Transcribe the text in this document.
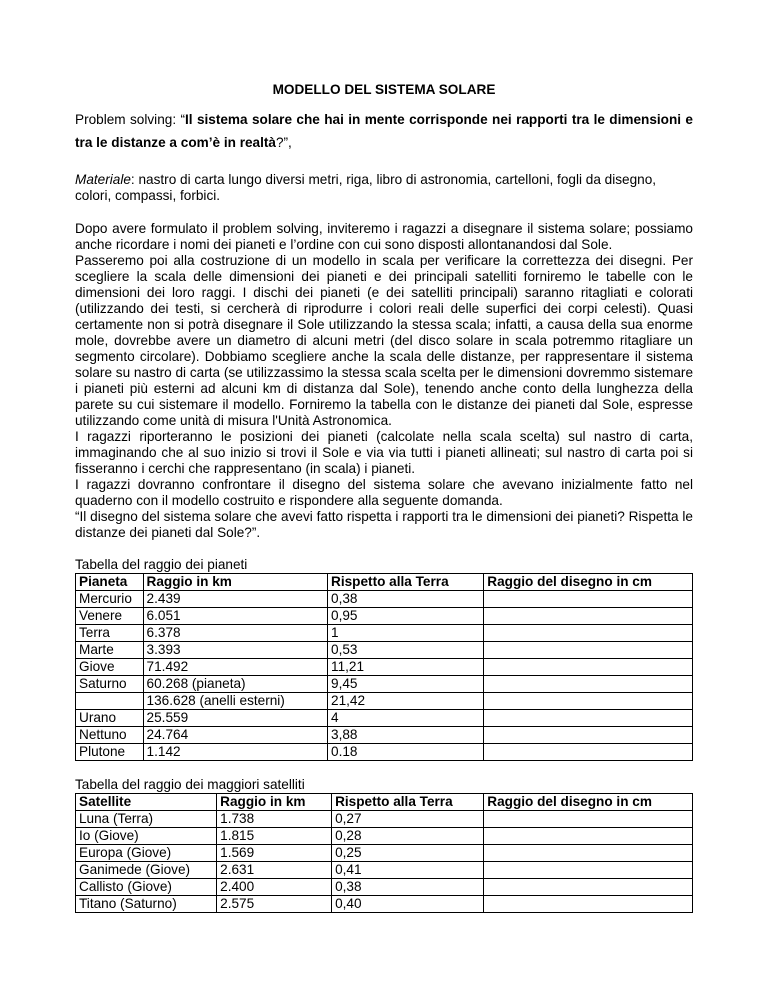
MODELLO DEL SISTEMA SOLARE
Problem solving: “Il sistema solare che hai in mente corrisponde nei rapporti tra le dimensioni e tra le distanze a com’è in realtà?”,
Materiale: nastro di carta lungo diversi metri, riga, libro di astronomia, cartelloni, fogli da disegno, colori, compassi, forbici.

Dopo avere formulato il problem solving, inviteremo i ragazzi a disegnare il sistema solare; possiamo anche ricordare i nomi dei pianeti e l’ordine con cui sono disposti allontanandosi dal Sole.

Passeremo poi alla costruzione di un modello in scala per verificare la correttezza dei disegni. Per scegliere la scala delle dimensioni dei pianeti e dei principali satelliti forniremo le tabelle con le dimensioni dei loro raggi. I dischi dei pianeti (e dei satelliti principali) saranno ritagliati e colorati (utilizzando dei testi, si cercherà di riprodurre i colori reali delle superfici dei corpi celesti). Quasi certamente non si potrà disegnare il Sole utilizzando la stessa scala; infatti, a causa della sua enorme mole, dovrebbe avere un diametro di alcuni metri (del disco solare in scala potremmo ritagliare un segmento circolare). Dobbiamo scegliere anche la scala delle distanze, per rappresentare il sistema solare su nastro di carta (se utilizzassimo la stessa scala scelta per le dimensioni dovremmo sistemare i pianeti più esterni ad alcuni km di distanza dal Sole), tenendo anche conto della lunghezza della parete su cui sistemare il modello. Forniremo la tabella con le distanze dei pianeti dal Sole, espresse utilizzando come unità di misura l'Unità Astronomica.

I ragazzi riporteranno le posizioni dei pianeti (calcolate nella scala scelta) sul nastro di carta, immaginando che al suo inizio si trovi il Sole e via via tutti i pianeti allineati; sul nastro di carta poi si fisseranno i cerchi che rappresentano (in scala) i pianeti.

I ragazzi dovranno confrontare il disegno del sistema solare che avevano inizialmente fatto nel quaderno con il modello costruito e rispondere alla seguente domanda.

“Il disegno del sistema solare che avevi fatto rispetta i rapporti tra le dimensioni dei pianeti? Rispetta le distanze dei pianeti dal Sole?”.

Tabella del raggio dei pianeti
Pianeta	Raggio in km	Rispetto alla Terra	Raggio del disegno in cm
Mercurio	2.439	0,38	
Venere	6.051	0,95	
Terra	6.378	1	
Marte	3.393	0,53	
Giove	71.492	11,21	
Saturno	60.268 (pianeta)	9,45	
	136.628 (anelli esterni)	21,42	
Urano	25.559	4	
Nettuno	24.764	3,88	
Plutone	1.142	0.18	
Tabella del raggio dei maggiori satelliti
Satellite	Raggio in km	Rispetto alla Terra	Raggio del disegno in cm
Luna (Terra)	1.738	0,27	
Io (Giove)	1.815	0,28	
Europa (Giove)	1.569	0,25	
Ganimede (Giove)	2.631	0,41	
Callisto (Giove)	2.400	0,38	
Titano (Saturno)	2.575	0,40	
